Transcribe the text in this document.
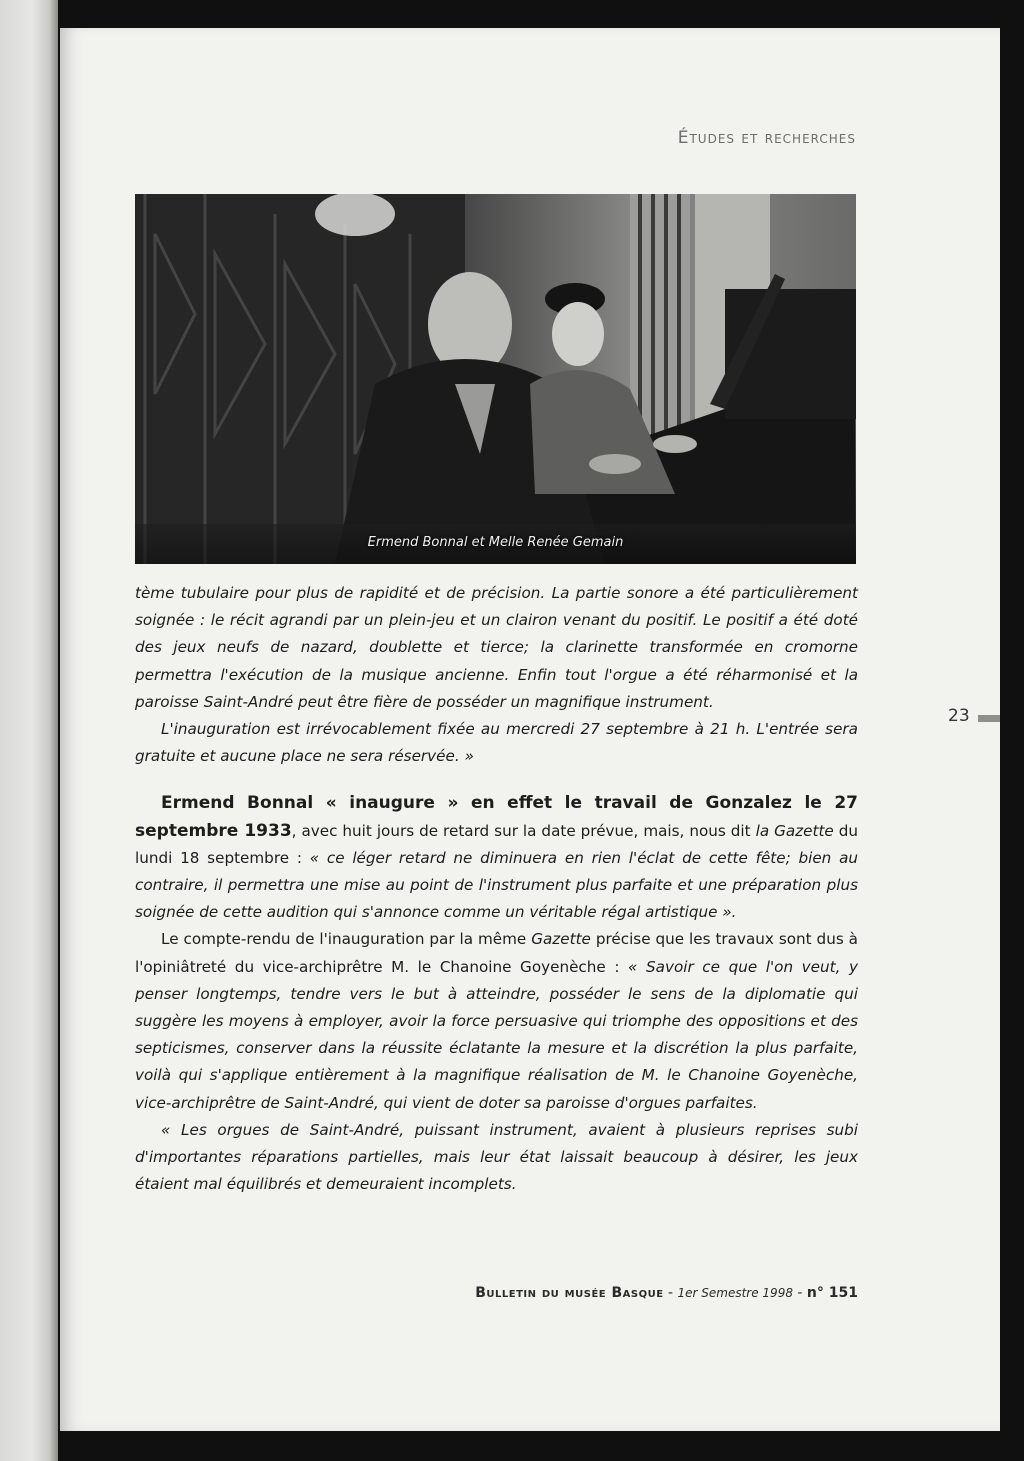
Études et recherches
Ermend Bonnal et Melle Renée Gemain

tème tubulaire pour plus de rapidité et de précision. La partie sonore a été particulièrement soignée : le récit agrandi par un plein-jeu et un clairon venant du positif. Le positif a été doté des jeux neufs de nazard, doublette et tierce; la clarinette transformée en cromorne permettra l'exécution de la musique ancienne. Enfin tout l'orgue a été réharmonisé et la paroisse Saint-André peut être fière de posséder un magnifique instrument.

L'inauguration est irrévocablement fixée au mercredi 27 septembre à 21 h. L'entrée sera gratuite et aucune place ne sera réservée. »

Ermend Bonnal « inaugure » en effet le travail de Gonzalez le 27 septembre 1933, avec huit jours de retard sur la date prévue, mais, nous dit la Gazette du lundi 18 septembre : « ce léger retard ne diminuera en rien l'éclat de cette fête; bien au contraire, il permettra une mise au point de l'instrument plus parfaite et une préparation plus soignée de cette audition qui s'annonce comme un véritable régal artistique ».

Le compte-rendu de l'inauguration par la même Gazette précise que les travaux sont dus à l'opiniâtreté du vice-archiprêtre M. le Chanoine Goyenèche : « Savoir ce que l'on veut, y penser longtemps, tendre vers le but à atteindre, posséder le sens de la diplomatie qui suggère les moyens à employer, avoir la force persuasive qui triomphe des oppositions et des septicismes, conserver dans la réussite éclatante la mesure et la discrétion la plus parfaite, voilà qui s'applique entièrement à la magnifique réalisation de M. le Chanoine Goyenèche, vice-archiprêtre de Saint-André, qui vient de doter sa paroisse d'orgues parfaites.

« Les orgues de Saint-André, puissant instrument, avaient à plusieurs reprises subi d'importantes réparations partielles, mais leur état laissait beaucoup à désirer, les jeux étaient mal équilibrés et demeuraient incomplets.

23
Bulletin du musée Basque - 1er Semestre 1998 - n° 151
